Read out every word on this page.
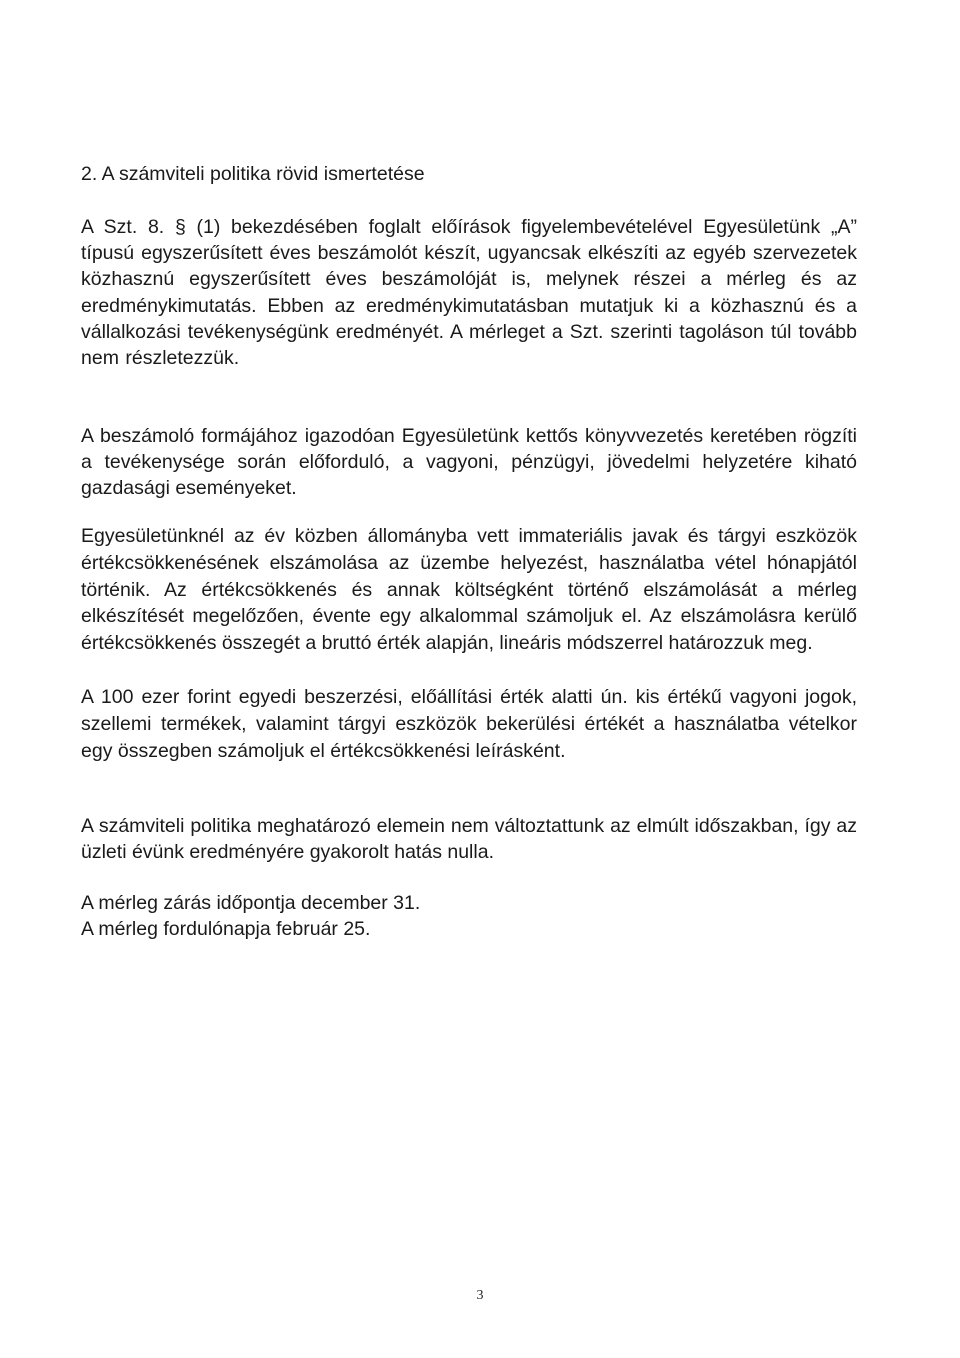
2. A számviteli politika rövid ismertetése

A Szt. 8. § (1) bekezdésében foglalt előírások figyelembevételével Egyesületünk „A” típusú egyszerűsített éves beszámolót készít, ugyancsak elkészíti az egyéb szervezetek közhasznú egyszerűsített éves beszámolóját is, melynek részei a mérleg és az eredménykimutatás. Ebben az eredménykimutatásban mutatjuk ki a közhasznú és a vállalkozási tevékenységünk eredményét. A mérleget a Szt. szerinti tagoláson túl tovább nem részletezzük.

A beszámoló formájához igazodóan Egyesületünk kettős könyvvezetés keretében rögzíti a tevékenysége során előforduló, a vagyoni, pénzügyi, jövedelmi helyzetére kiható gazdasági eseményeket.

Egyesületünknél az év közben állományba vett immateriális javak és tárgyi eszközök értékcsökkenésének elszámolása az üzembe helyezést, használatba vétel hónapjától történik. Az értékcsökkenés és annak költségként történő elszámolását a mérleg elkészítését megelőzően, évente egy alkalommal számoljuk el. Az elszámolásra kerülő értékcsökkenés összegét a bruttó érték alapján, lineáris módszerrel határozzuk meg.

A 100 ezer forint egyedi beszerzési, előállítási érték alatti ún. kis értékű vagyoni jogok, szellemi termékek, valamint tárgyi eszközök bekerülési értékét a használatba vételkor egy összegben számoljuk el értékcsökkenési leírásként.

A számviteli politika meghatározó elemein nem változtattunk az elmúlt időszakban, így az üzleti évünk eredményére gyakorolt hatás nulla.

A mérleg zárás időpontja december 31.
A mérleg fordulónapja február 25.

3
